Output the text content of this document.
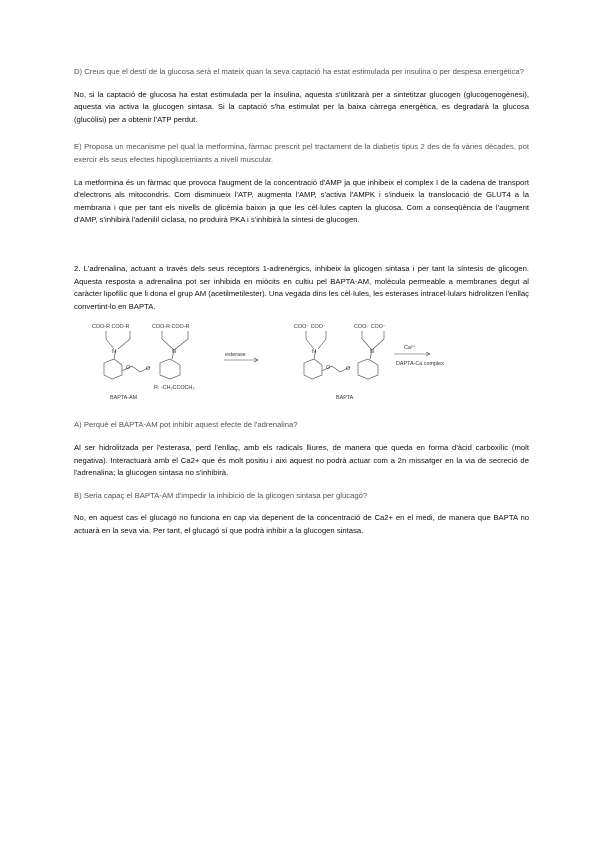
D) Creus que el destí de la glucosa serà el mateix quan la seva captació ha estat estimulada per insulina o per despesa energètica?

No, si la captació de glucosa ha estat estimulada per la insulina, aquesta s'utilitzarà per a sintetitzar glucogen (glucogenogènesi), aquesta via activa la glucogen sintasa. Si la captació s'ha estimulat per la baixa càrrega energètica, es degradarà la glucosa (glucòlisi) per a obtenir l'ATP perdut.

E) Proposa un mecanisme pel qual la metformina, fàrmac prescrit pel tractament de la diabetis tipus 2 des de fa vàries dècades, pot exercir els seus efectes hipoglucemiants a nivell muscular.

La metformina és un fàrmac que provoca l'augment de la concentració d'AMP ja que inhibeix el complex I de la cadena de transport d'electrons als mitocondris. Com disminueix l'ATP, augmenta l'AMP, s'activa l'AMPK i s'indueix la translocació de GLUT4 a la membrana i que per tant els nivells de glicèmia baixin ja que les cèl·lules capten la glucosa. Com a conseqüència de l'augment d'AMP, s'inhibirà l'adenilil ciclasa, no produirà PKA i s'inhibirà la síntesi de glucogen.

2. L'adrenalina, actuant a través dels seus receptors 1-adrenèrgics, inhibeix la glicogen sintasa i per tant la síntesis de glicogen. Aquesta resposta a adrenalina pot ser inhibida en miòcits en cultiu pel BAPTA-AM, molècula permeable a membranes degut al caràcter lipofílic que li dona el grup AM (acetilmetilester). Una vegada dins les cèl·lules, les esterases intracel·lulars hidrolitzen l'enllaç convertint-lo en BAPTA.

COO-R COO-R	COO-R COO-R
N	N
O	O
R: -CH₂CCOCH₃
BAPTA-AM
esterase
COO⁻ COO⁻	COO⁻ COO⁻
N	N
O	O
BAPTA
Ca²⁺
DAPTA-Ca complex

A) Perquè el BAPTA-AM pot inhibir aquest efecte de l'adrenalina?

Al ser hidrolitzada per l'esterasa, perd l'enllaç, amb els radicals lliures, de manera que queda en forma d'àcid carboxílic (molt negativa). Interactuarà amb el Ca2+ que és molt positiu i aixi aquest no podrà actuar com a 2n missatger en la via de secreció de l'adrenalina; la glucogen sintasa no s'inhibirà.

B) Seria capaç el BAPTA-AM d'impedir la inhibició de la glicogen sintasa per glucagó?

No, en aquest cas el glucagó no funciona en cap via depenent de la concentració de Ca2+ en el medi, de manera que BAPTA no actuarà en la seva via. Per tant, el glucagó sí que podrà inhibir a la glucogen sintasa.
